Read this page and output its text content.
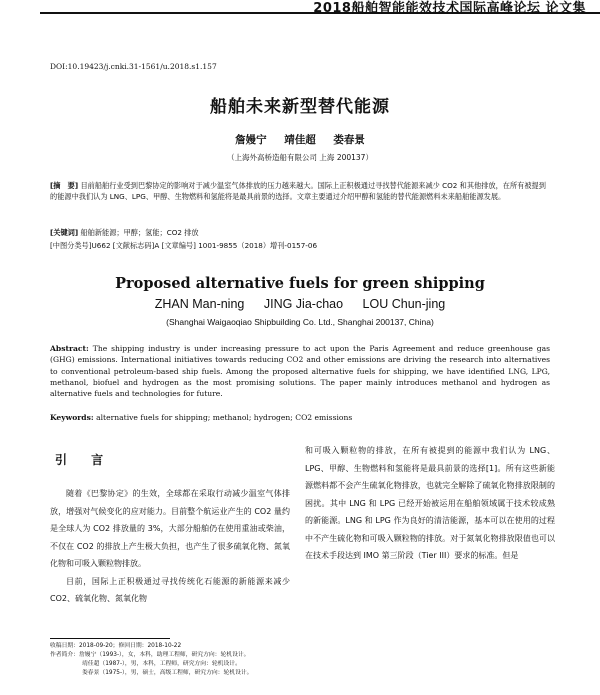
2018船舶智能能效技术国际高峰论坛 论文集
DOI:10.19423/j.cnki.31-1561/u.2018.s1.157
船舶未来新型替代能源
詹嫚宁 靖佳超 娄春景
（上海外高桥造船有限公司 上海 200137）
[摘　要] 目前船舶行业受到巴黎协定的影响对于减少温室气体排放的压力越来越大。国际上正积极通过寻找替代能源来减少 CO2 和其他排放，在所有被提到的能源中我们认为 LNG、LPG、甲醇、生物燃料和氢能将是最具前景的选择。文章主要通过介绍甲醇和氢能的替代能源燃料未来船舶能源发展。
[关键词] 船舶新能源；甲醇；氢能；CO2 排放
[中图分类号]U662 [文献标志码]A [文章编号] 1001-9855（2018）增刊-0157-06
Proposed alternative fuels for green shipping
ZHAN Man-ning JING Jia-chao LOU Chun-jing
(Shanghai Waigaoqiao Shipbuilding Co. Ltd., Shanghai 200137, China)
Abstract: The shipping industry is under increasing pressure to act upon the Paris Agreement and reduce greenhouse gas (GHG) emissions. International initiatives towards reducing CO2 and other emissions are driving the research into alternatives to conventional petroleum-based ship fuels. Among the proposed alternative fuels for shipping, we have identified LNG, LPG, methanol, biofuel and hydrogen as the most promising solutions. The paper mainly introduces methanol and hydrogen as alternative fuels and technologies for future.
Keywords: alternative fuels for shipping; methanol; hydrogen; CO2 emissions
引 言

随着《巴黎协定》的生效，全球都在采取行动减少温室气体排放，增强对气候变化的应对能力。目前整个航运业产生的 CO2 量约是全球人为 CO2 排放量的 3%，大部分船舶仍在使用重油或柴油，不仅在 CO2 的排放上产生极大负担，也产生了很多硫氧化物、氮氧化物和可吸入颗粒物排放。

目前，国际上正积极通过寻找传统化石能源的新能源来减少 CO2、硫氧化物、氮氧化物

和可吸入颗粒物的排放，在所有被提到的能源中我们认为 LNG、LPG、甲醇、生物燃料和氢能将是最具前景的选择[1]。所有这些新能源燃料都不会产生硫氧化物排放，也就完全解除了硫氧化物排放限制的困扰。其中 LNG 和 LPG 已经开始被运用在船舶领域属于技术较成熟的新能源。LNG 和 LPG 作为良好的清洁能源，基本可以在使用的过程中不产生硫化物和可吸入颗粒物的排放。对于氮氧化物排放限值也可以在技术手段达到 IMO 第三阶段（Tier III）要求的标准。但是

收稿日期：2018-09-20；修回日期：2018-10-22
作者简介：詹嫚宁（1993-），女，本科，助理工程师，研究方向：轮机设计。
靖佳超（1987-），男，本科，工程师，研究方向：轮机设计。
娄春景（1975-），男，硕士，高级工程师，研究方向：轮机设计。
